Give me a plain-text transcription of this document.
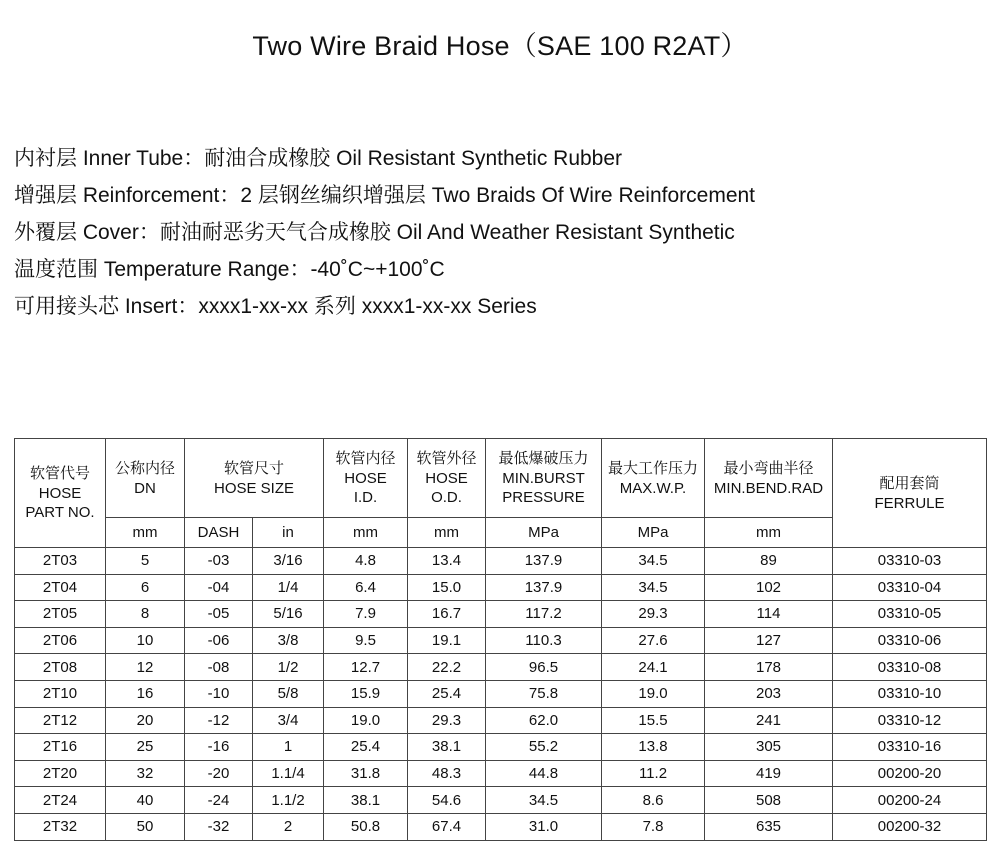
Two Wire Braid Hose（SAE 100 R2AT）
内衬层 Inner Tube：耐油合成橡胶 Oil Resistant Synthetic Rubber
增强层 Reinforcement：2 层钢丝编织增强层 Two Braids Of Wire Reinforcement
外覆层 Cover：耐油耐恶劣天气合成橡胶 Oil And Weather Resistant Synthetic
温度范围 Temperature Range：-40˚C~+100˚C
可用接头芯 Insert：xxxx1-xx-xx 系列 xxxx1-xx-xx Series
软管代号
HOSE
PART NO.	公称内径
DN	软管尺寸
HOSE SIZE		软管内径
HOSE
I.D.	软管外径
HOSE
O.D.	最低爆破压力
MIN.BURST
PRESSURE	最大工作压力
MAX.W.P.	最小弯曲半径
MIN.BEND.RAD	配用套筒
FERRULE

	mm	DASH	in	mm	mm	MPa	MPa	mm	
2T03	5	-03	3/16	4.8	13.4	137.9	34.5	89	03310-03
2T04	6	-04	1/4	6.4	15.0	137.9	34.5	102	03310-04
2T05	8	-05	5/16	7.9	16.7	117.2	29.3	114	03310-05
2T06	10	-06	3/8	9.5	19.1	110.3	27.6	127	03310-06
2T08	12	-08	1/2	12.7	22.2	96.5	24.1	178	03310-08
2T10	16	-10	5/8	15.9	25.4	75.8	19.0	203	03310-10
2T12	20	-12	3/4	19.0	29.3	62.0	15.5	241	03310-12
2T16	25	-16	1	25.4	38.1	55.2	13.8	305	03310-16
2T20	32	-20	1.1/4	31.8	48.3	44.8	11.2	419	00200-20
2T24	40	-24	1.1/2	38.1	54.6	34.5	8.6	508	00200-24
2T32	50	-32	2	50.8	67.4	31.0	7.8	635	00200-32
